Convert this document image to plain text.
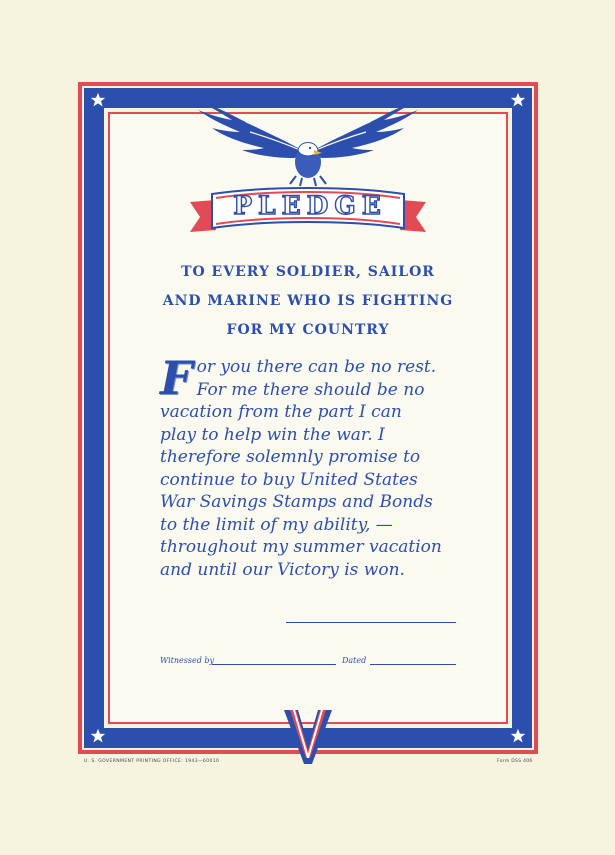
PLEDGE
TO EVERY SOLDIER, SAILOR
AND MARINE WHO IS FIGHTING
FOR MY COUNTRY
F or you there can be no rest.
For me there should be no
vacation from the part I can
play to help win the war. I
therefore solemnly promise to
continue to buy United States
War Savings Stamps and Bonds
to the limit of my ability, —
throughout my summer vacation
and until our Victory is won.
Witnessed by	Dated
U. S. GOVERNMENT PRINTING OFFICE: 1943—60010	Form DSS 406
